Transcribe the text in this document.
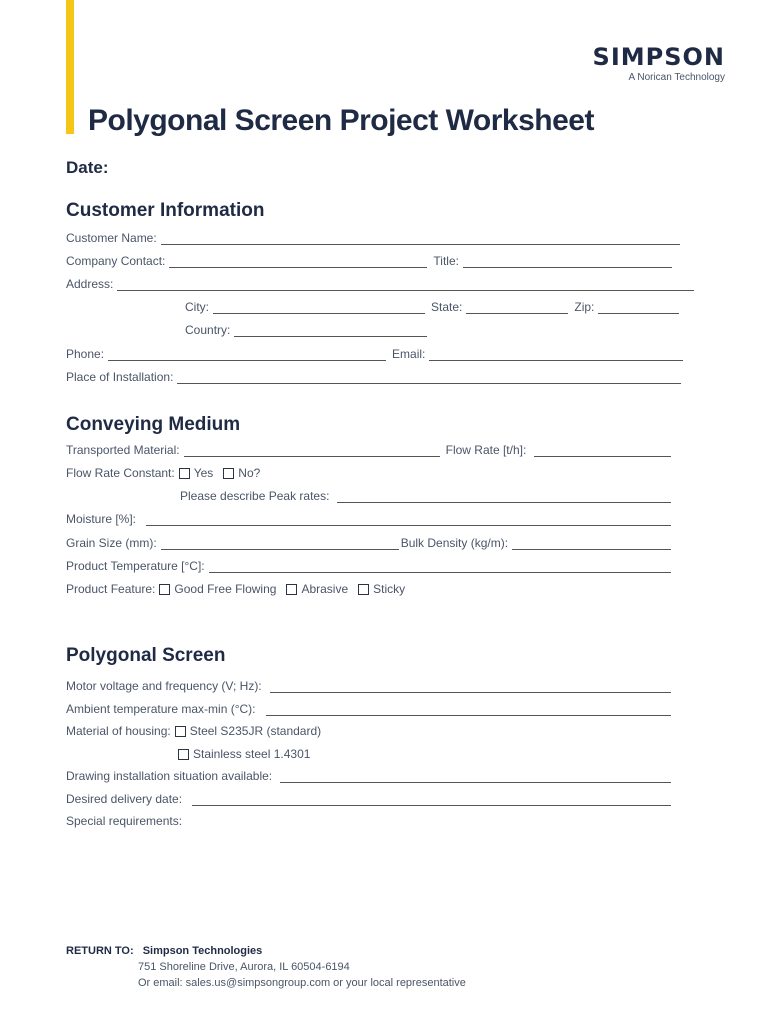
SIMPSON
A Norican Technology
Polygonal Screen Project Worksheet
Date:
Customer Information
Customer Name:
Company Contact:	Title:
Address:
City:	State:	Zip:
Country:
Phone:	Email:
Place of Installation:
Conveying Medium
Transported Material:	Flow Rate [t/h]:
Flow Rate Constant: Yes No?
Please describe Peak rates:
Moisture [%]:
Grain Size (mm):	Bulk Density (kg/m):
Product Temperature [°C]:
Product Feature: Good Free Flowing Abrasive Sticky
Polygonal Screen
Motor voltage and frequency (V; Hz):
Ambient temperature max-min (°C):
Material of housing: Steel S235JR (standard)
Stainless steel 1.4301
Drawing installation situation available:
Desired delivery date:
Special requirements:
RETURN TO: Simpson Technologies
751 Shoreline Drive, Aurora, IL 60504-6194
Or email: sales.us@simpsongroup.com or your local representative
